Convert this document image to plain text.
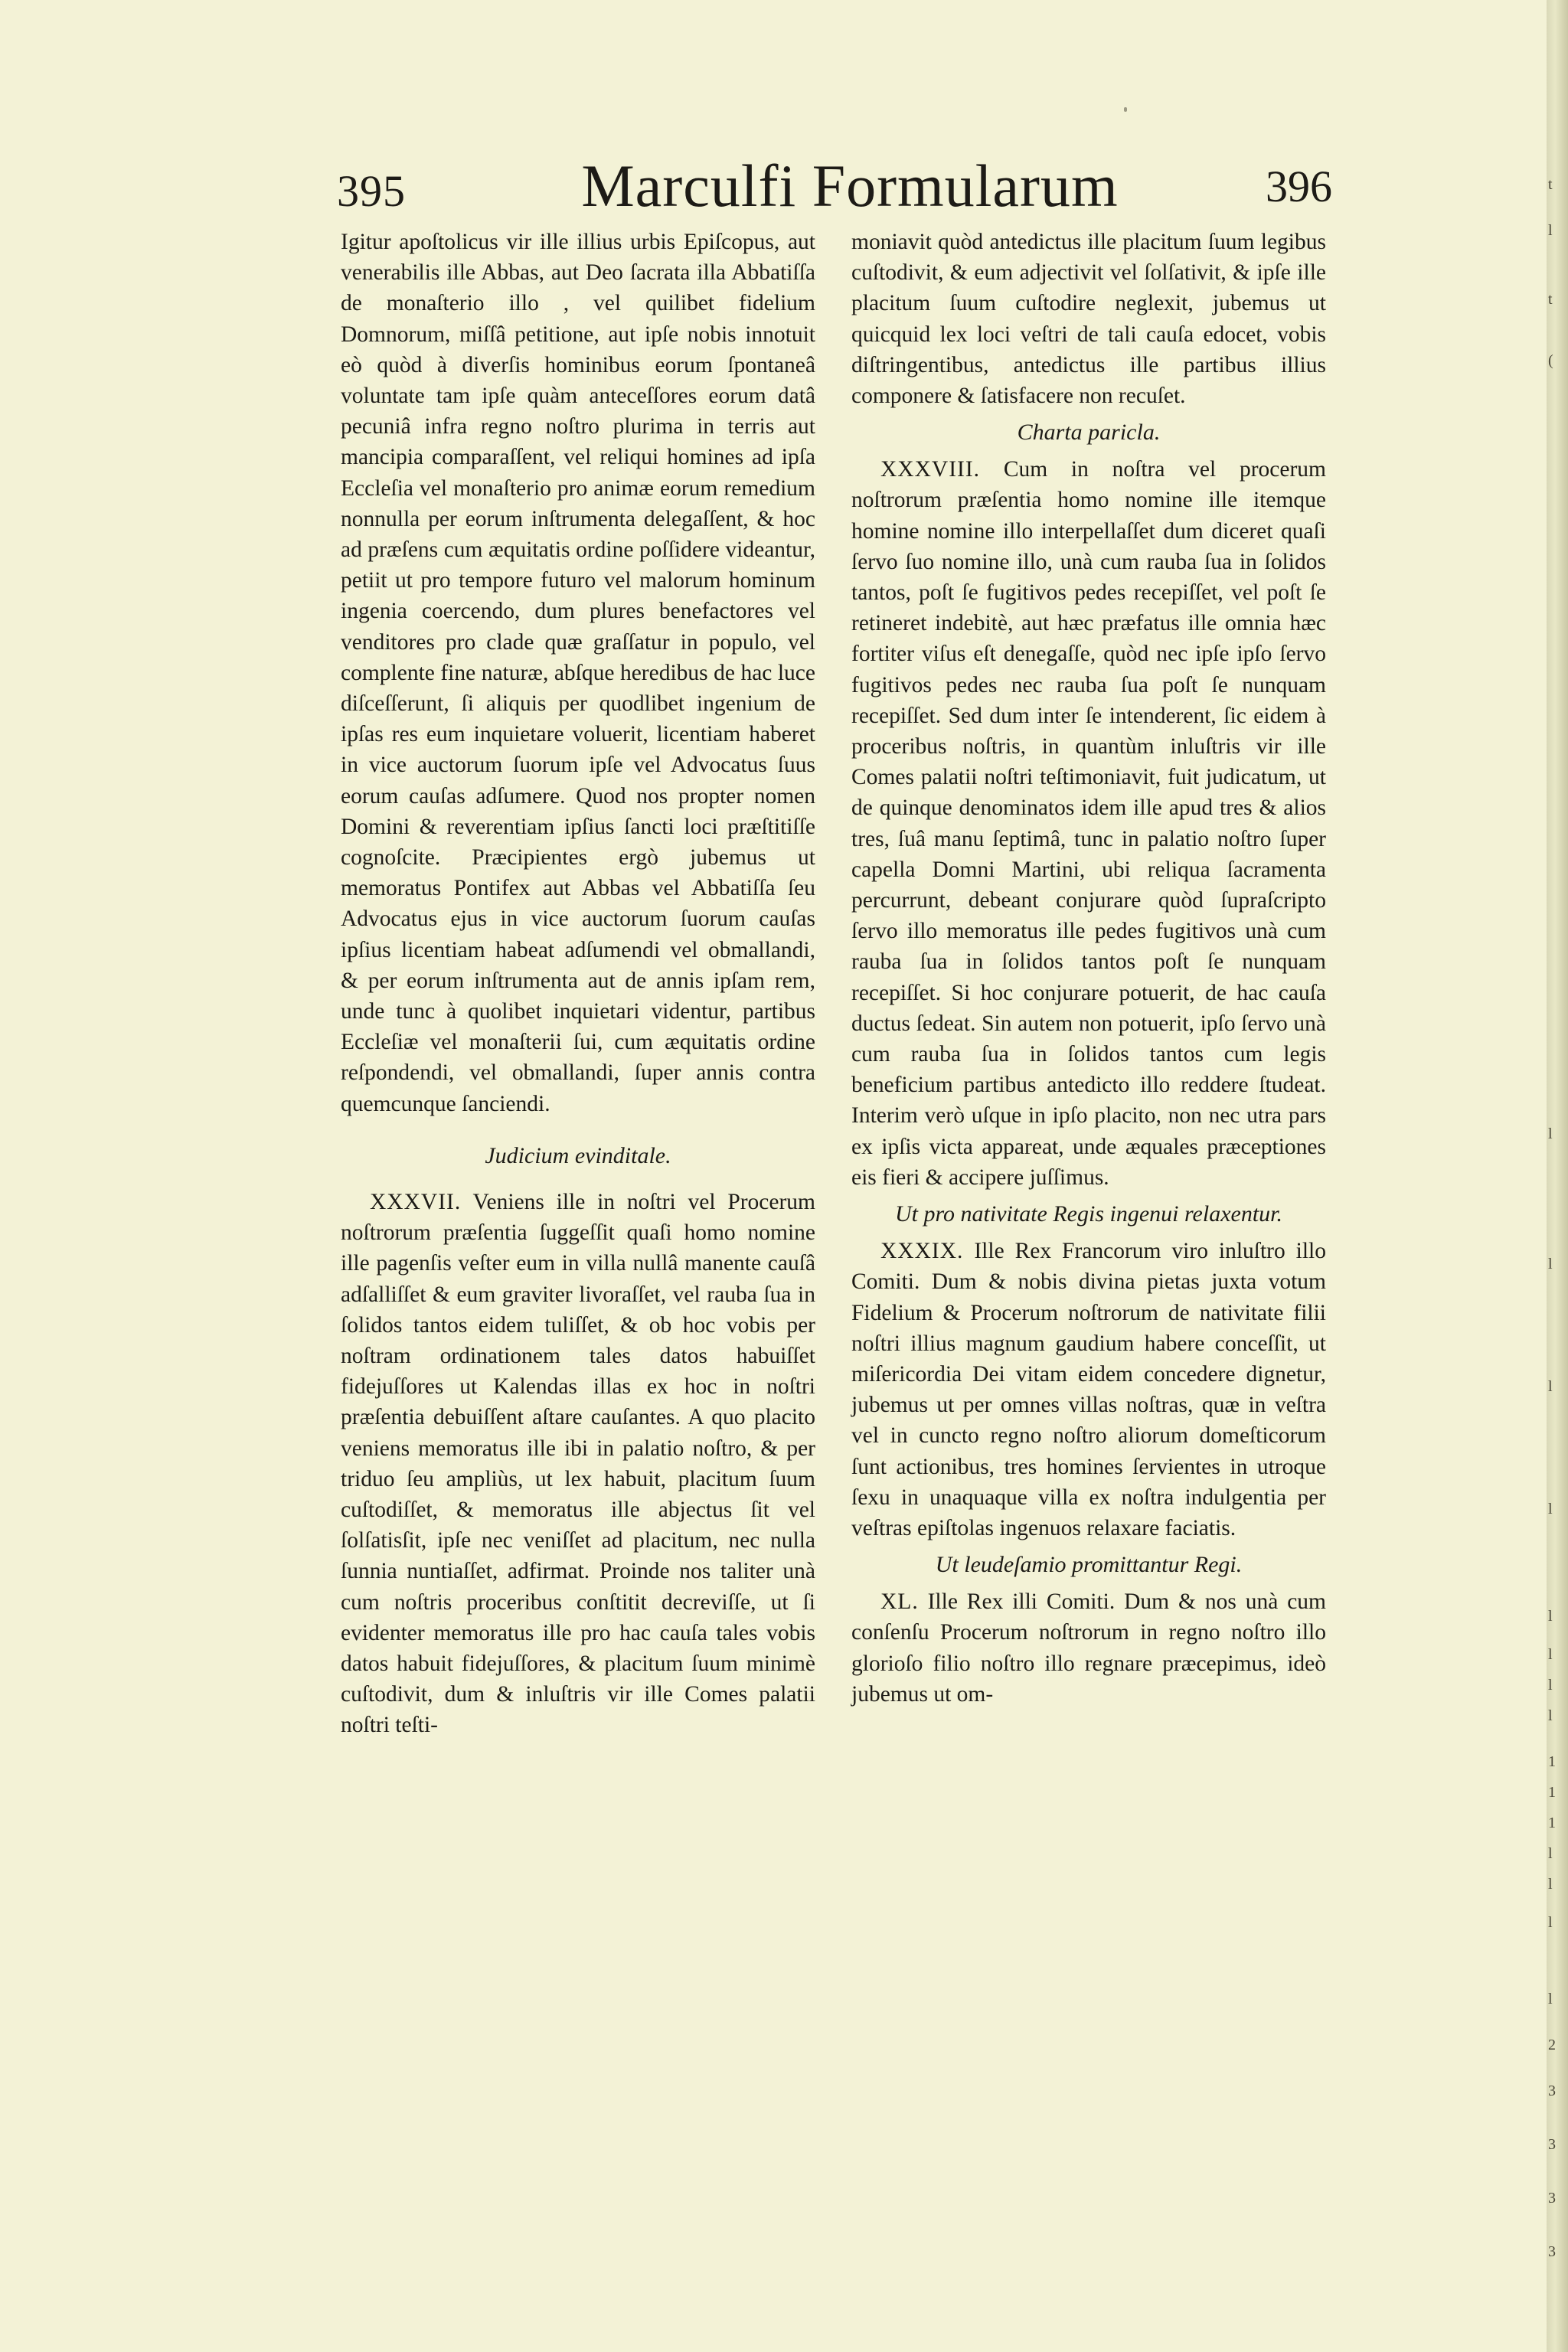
395	Marculfi Formularum	396

Igitur apoſtolicus vir ille illius urbis Epiſcopus, aut venerabilis ille Abbas, aut Deo ſacrata illa Abbatiſſa de monaſterio illo , vel quilibet fidelium Domnorum, miſſâ petitione, aut ipſe nobis innotuit eò quòd à diverſis hominibus eorum ſpontaneâ voluntate tam ipſe quàm anteceſſores eorum datâ pecuniâ infra regno noſtro plurima in terris aut mancipia comparaſſent, vel reliqui homines ad ipſa Eccleſia vel monaſterio pro animæ eorum remedium nonnulla per eorum inſtrumenta delegaſſent, & hoc ad præſens cum æquitatis ordine poſſidere videantur, petiit ut pro tempore futuro vel malorum hominum ingenia coercendo, dum plures benefactores vel venditores pro clade quæ graſſatur in populo, vel complente fine naturæ, abſque heredibus de hac luce diſceſſerunt, ſi aliquis per quodlibet ingenium de ipſas res eum inquietare voluerit, licentiam haberet in vice auctorum ſuorum ipſe vel Advocatus ſuus eorum cauſas adſumere. Quod nos propter nomen Domini & reverentiam ipſius ſancti loci præſtitiſſe cognoſcite. Præcipientes ergò jubemus ut memoratus Pontifex aut Abbas vel Abbatiſſa ſeu Advocatus ejus in vice auctorum ſuorum cauſas ipſius licentiam habeat adſumendi vel obmallandi, & per eorum inſtrumenta aut de annis ipſam rem, unde tunc à quolibet inquietari videntur, partibus Eccleſiæ vel monaſterii ſui, cum æquitatis ordine reſpondendi, vel obmallandi, ſuper annis contra quemcunque ſanciendi.

Judicium evinditale.

XXXVII. Veniens ille in noſtri vel Procerum noſtrorum præſentia ſuggeſſit quaſi homo nomine ille pagenſis veſter eum in villa nullâ manente cauſâ adſalliſſet & eum graviter livoraſſet, vel rauba ſua in ſolidos tantos eidem tuliſſet, & ob hoc vobis per noſtram ordinationem tales datos habuiſſet fidejuſſores ut Kalendas illas ex hoc in noſtri præſentia debuiſſent aſtare cauſantes. A quo placito veniens memoratus ille ibi in palatio noſtro, & per triduo ſeu ampliùs, ut lex habuit, placitum ſuum cuſtodiſſet, & memoratus ille abjectus ſit vel ſolſatisſit, ipſe nec veniſſet ad placitum, nec nulla ſunnia nuntiaſſet, adfirmat. Proinde nos taliter unà cum noſtris proceribus conſtitit decreviſſe, ut ſi evidenter memoratus ille pro hac cauſa tales vobis datos habuit fidejuſſores, & placitum ſuum minimè cuſtodivit, dum & inluſtris vir ille Comes palatii noſtri teſti-

moniavit quòd antedictus ille placitum ſuum legibus cuſtodivit, & eum adjectivit vel ſolſativit, & ipſe ille placitum ſuum cuſtodire neglexit, jubemus ut quicquid lex loci veſtri de tali cauſa edocet, vobis diſtringentibus, antedictus ille partibus illius componere & ſatisfacere non recuſet.

Charta paricla.

XXXVIII. Cum in noſtra vel procerum noſtrorum præſentia homo nomine ille itemque homine nomine illo interpellaſſet dum diceret quaſi ſervo ſuo nomine illo, unà cum rauba ſua in ſolidos tantos, poſt ſe fugitivos pedes recepiſſet, vel poſt ſe retineret indebitè, aut hæc præfatus ille omnia hæc fortiter viſus eſt denegaſſe, quòd nec ipſe ipſo ſervo fugitivos pedes nec rauba ſua poſt ſe nunquam recepiſſet. Sed dum inter ſe intenderent, ſic eidem à proceribus noſtris, in quantùm inluſtris vir ille Comes palatii noſtri teſtimoniavit, fuit judicatum, ut de quinque denominatos idem ille apud tres & alios tres, ſuâ manu ſeptimâ, tunc in palatio noſtro ſuper capella Domni Martini, ubi reliqua ſacramenta percurrunt, debeant conjurare quòd ſupraſcripto ſervo illo memoratus ille pedes fugitivos unà cum rauba ſua in ſolidos tantos poſt ſe nunquam recepiſſet. Si hoc conjurare potuerit, de hac cauſa ductus ſedeat. Sin autem non potuerit, ipſo ſervo unà cum rauba ſua in ſolidos tantos cum legis beneficium partibus antedicto illo reddere ſtudeat. Interim verò uſque in ipſo placito, non nec utra pars ex ipſis victa appareat, unde æquales præceptiones eis fieri & accipere juſſimus.

Ut pro nativitate Regis ingenui relaxentur.

XXXIX. Ille Rex Francorum viro inluſtro illo Comiti. Dum & nobis divina pietas juxta votum Fidelium & Procerum noſtrorum de nativitate filii noſtri illius magnum gaudium habere conceſſit, ut miſericordia Dei vitam eidem concedere dignetur, jubemus ut per omnes villas noſtras, quæ in veſtra vel in cuncto regno noſtro aliorum domeſticorum ſunt actionibus, tres homines ſervientes in utroque ſexu in unaquaque villa ex noſtra indulgentia per veſtras epiſtolas ingenuos relaxare faciatis.

Ut leudeſamio promittantur Regi.

XL. Ille Rex illi Comiti. Dum & nos unà cum conſenſu Procerum noſtrorum in regno noſtro illo glorioſo filio noſtro illo regnare præcepimus, ideò jubemus ut om-

t
l
t
(
l
l
l
l
l
l
l
l
1
1
1
l
l
l
l
2
3
3
3
3
